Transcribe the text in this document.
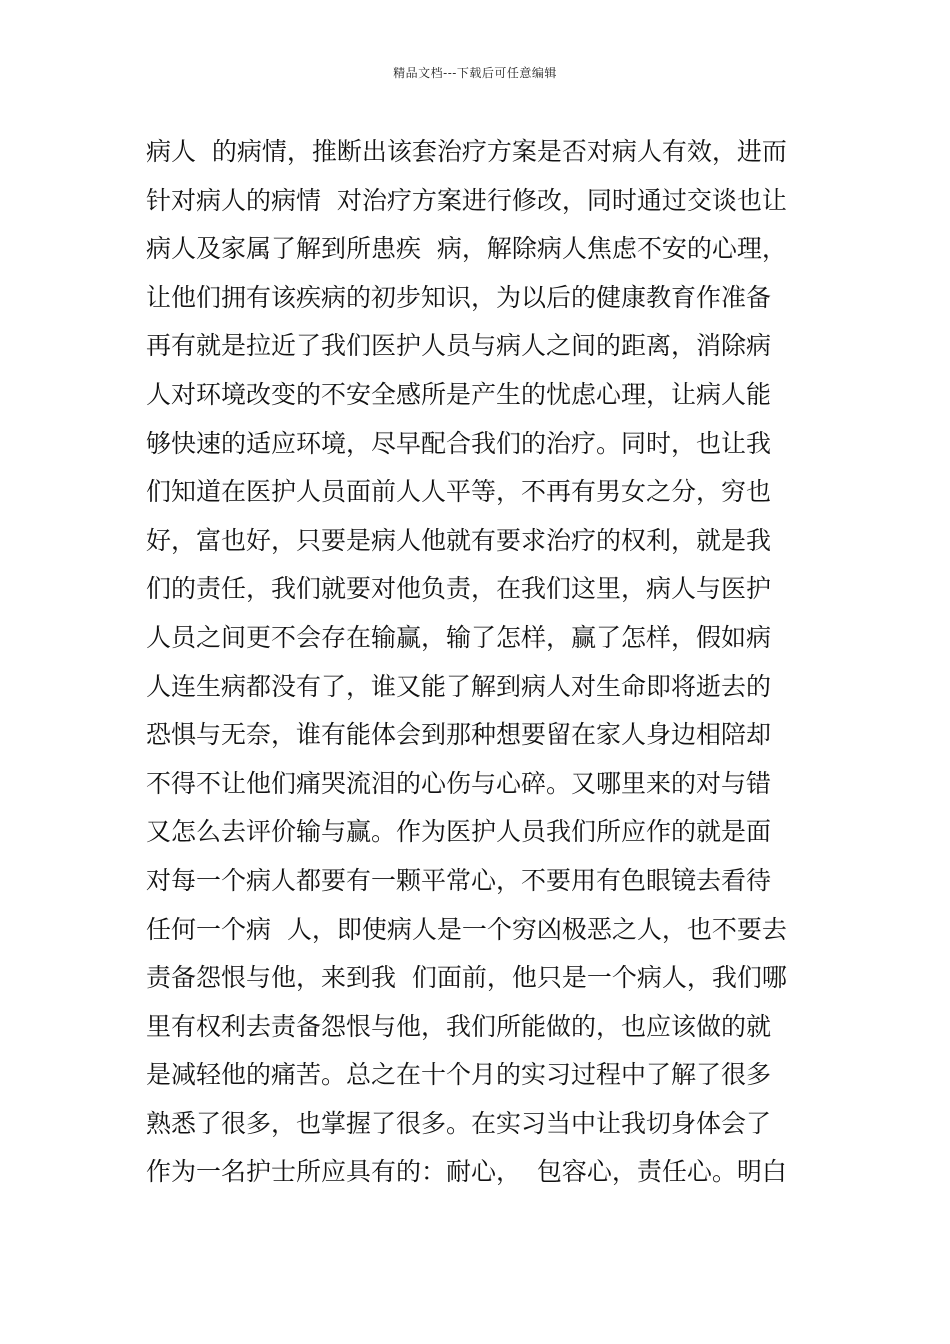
精品文档---下载后可任意编辑
病人  的病情，推断出该套治疗方案是否对病人有效，进而
针对病人的病情  对治疗方案进行修改，同时通过交谈也让
病人及家属了解到所患疾  病，解除病人焦虑不安的心理，
让他们拥有该疾病的初步知识，为以后的健康教育作准备
再有就是拉近了我们医护人员与病人之间的距离，消除病
人对环境改变的不安全感所是产生的忧虑心理，让病人能
够快速的适应环境，尽早配合我们的治疗。同时，也让我
们知道在医护人员面前人人平等，不再有男女之分，穷也
好，富也好，只要是病人他就有要求治疗的权利，就是我
们的责任，我们就要对他负责，在我们这里，病人与医护
人员之间更不会存在输赢，输了怎样，赢了怎样，假如病
人连生病都没有了，谁又能了解到病人对生命即将逝去的
恐惧与无奈，谁有能体会到那种想要留在家人身边相陪却
不得不让他们痛哭流泪的心伤与心碎。又哪里来的对与错
又怎么去评价输与赢。作为医护人员我们所应作的就是面
对每一个病人都要有一颗平常心，不要用有色眼镜去看待
任何一个病  人，即使病人是一个穷凶极恶之人，也不要去
责备怨恨与他，来到我  们面前，他只是一个病人，我们哪
里有权利去责备怨恨与他，我们所能做的，也应该做的就
是减轻他的痛苦。总之在十个月的实习过程中了解了很多
熟悉了很多，也掌握了很多。在实习当中让我切身体会了
作为一名护士所应具有的：耐心，  包容心，责任心。明白
